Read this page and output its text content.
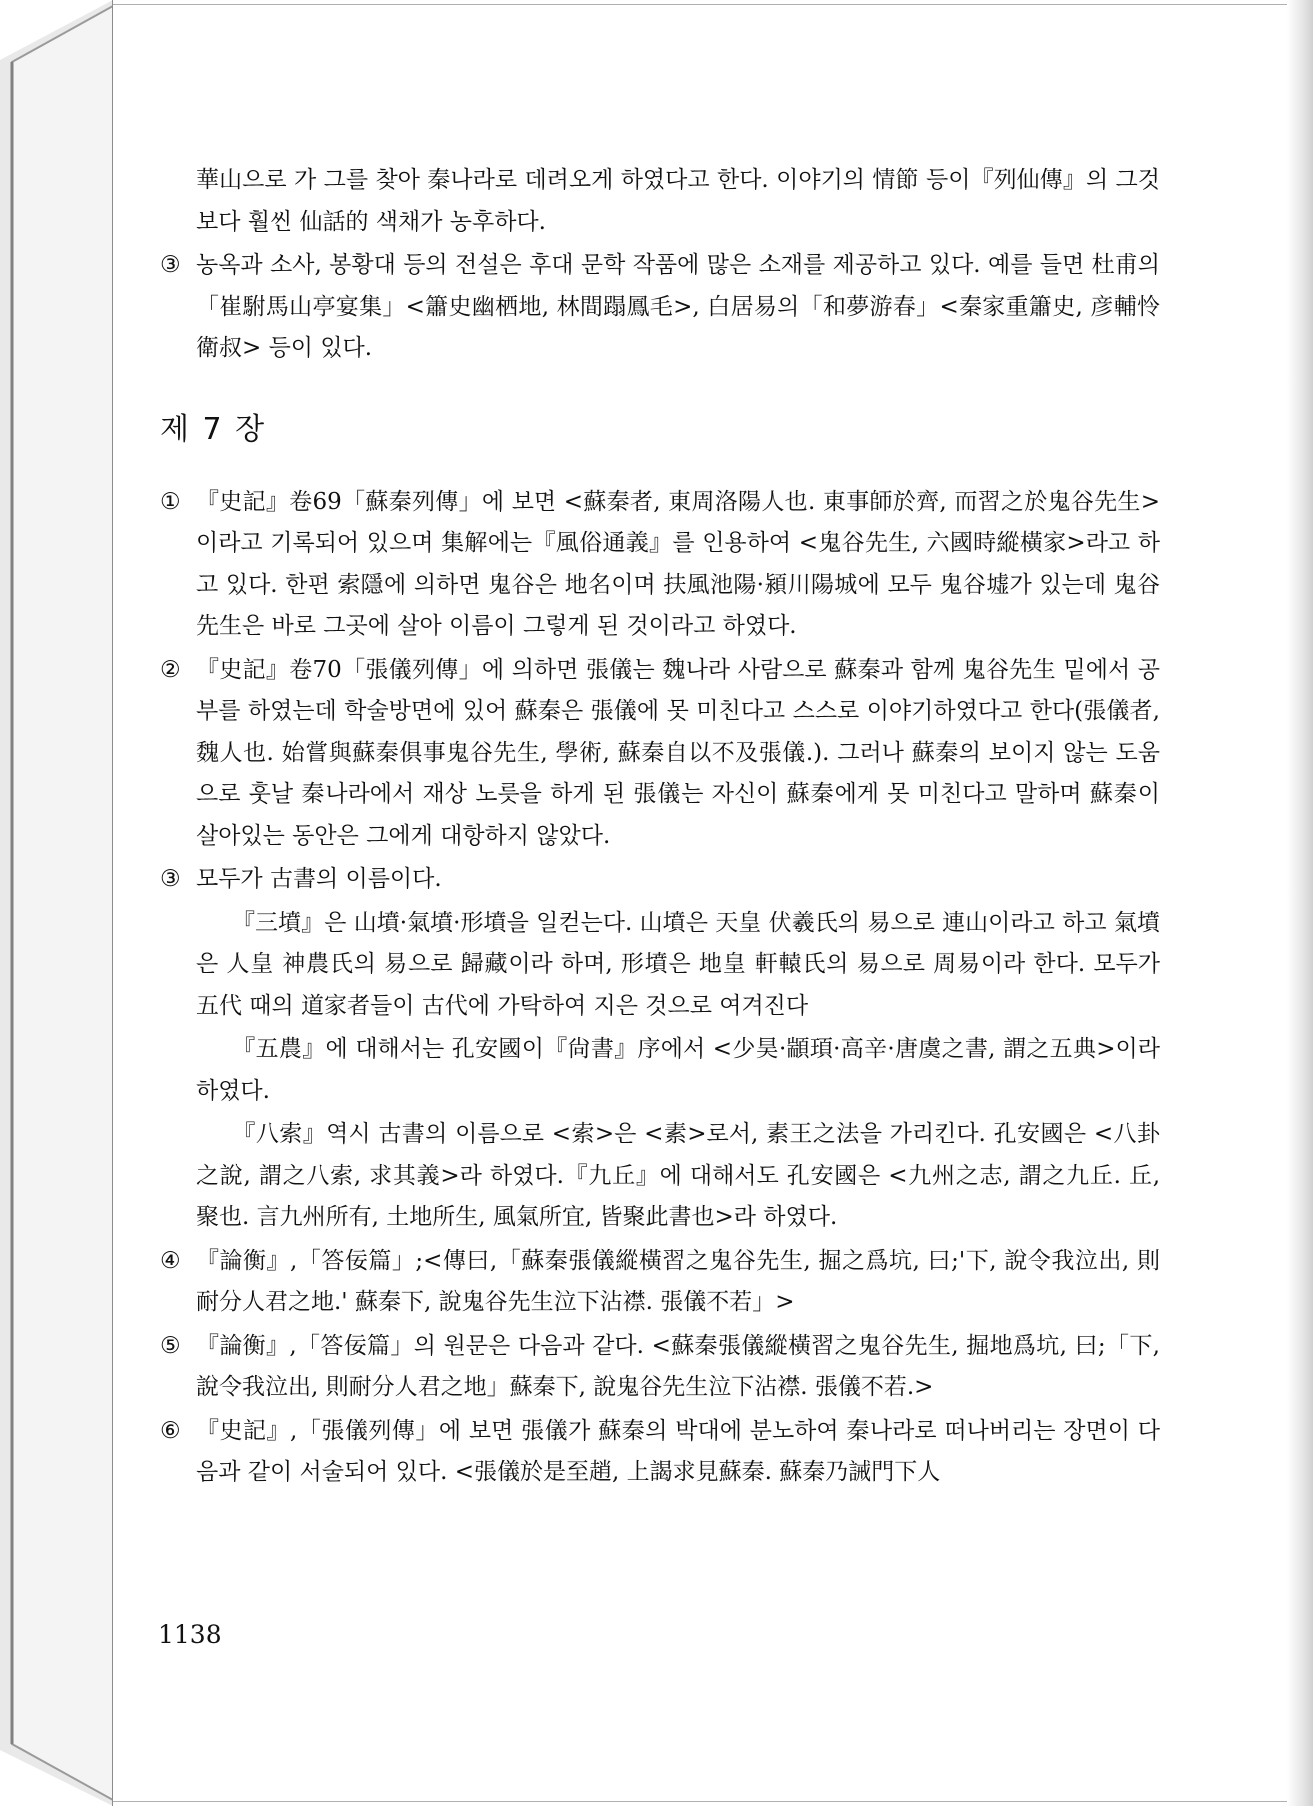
華山으로 가 그를 찾아 秦나라로 데려오게 하였다고 한다. 이야기의 情節 등이『列仙傳』의 그것보다 훨씬 仙話的 색채가 농후하다.

③ 농옥과 소사, 봉황대 등의 전설은 후대 문학 작품에 많은 소재를 제공하고 있다. 예를 들면 杜甫의「崔駙馬山亭宴集」<簫史幽栖地, 林間蹋鳳毛>, 白居易의「和夢游春」<秦家重簫史, 彦輔怜衛叔> 등이 있다.

제 7 장

① 『史記』卷69「蘇秦列傳」에 보면 <蘇秦者, 東周洛陽人也. 東事師於齊, 而習之於鬼谷先生>이라고 기록되어 있으며 集解에는『風俗通義』를 인용하여 <鬼谷先生, 六國時縱橫家>라고 하고 있다. 한편 索隱에 의하면 鬼谷은 地名이며 扶風池陽·潁川陽城에 모두 鬼谷墟가 있는데 鬼谷先生은 바로 그곳에 살아 이름이 그렇게 된 것이라고 하였다.

② 『史記』卷70「張儀列傳」에 의하면 張儀는 魏나라 사람으로 蘇秦과 함께 鬼谷先生 밑에서 공부를 하였는데 학술방면에 있어 蘇秦은 張儀에 못 미친다고 스스로 이야기하였다고 한다(張儀者, 魏人也. 始嘗與蘇秦俱事鬼谷先生, 學術, 蘇秦自以不及張儀.). 그러나 蘇秦의 보이지 않는 도움으로 훗날 秦나라에서 재상 노릇을 하게 된 張儀는 자신이 蘇秦에게 못 미친다고 말하며 蘇秦이 살아있는 동안은 그에게 대항하지 않았다.

③ 모두가 古書의 이름이다.

『三墳』은 山墳·氣墳·形墳을 일컫는다. 山墳은 天皇 伏羲氏의 易으로 連山이라고 하고 氣墳은 人皇 神農氏의 易으로 歸藏이라 하며, 形墳은 地皇 軒轅氏의 易으로 周易이라 한다. 모두가 五代 때의 道家者들이 古代에 가탁하여 지은 것으로 여겨진다

『五農』에 대해서는 孔安國이『尙書』序에서 <少昊·顓頊·高辛·唐虞之書, 謂之五典>이라 하였다.

『八索』역시 古書의 이름으로 <索>은 <素>로서, 素王之法을 가리킨다. 孔安國은 <八卦之說, 謂之八索, 求其義>라 하였다.『九丘』에 대해서도 孔安國은 <九州之志, 謂之九丘. 丘, 聚也. 言九州所有, 土地所生, 風氣所宜, 皆聚此書也>라 하였다.

④ 『論衡』,「答佞篇」;<傳曰,「蘇秦張儀縱橫習之鬼谷先生, 掘之爲坑, 曰;'下, 說令我泣出, 則耐分人君之地.' 蘇秦下, 說鬼谷先生泣下沾襟. 張儀不若」>

⑤ 『論衡』,「答佞篇」의 원문은 다음과 같다. <蘇秦張儀縱橫習之鬼谷先生, 掘地爲坑, 曰;「下, 說令我泣出, 則耐分人君之地」蘇秦下, 說鬼谷先生泣下沾襟. 張儀不若.>

⑥ 『史記』,「張儀列傳」에 보면 張儀가 蘇秦의 박대에 분노하여 秦나라로 떠나버리는 장면이 다음과 같이 서술되어 있다. <張儀於是至趙, 上謁求見蘇秦. 蘇秦乃誡門下人

1138
